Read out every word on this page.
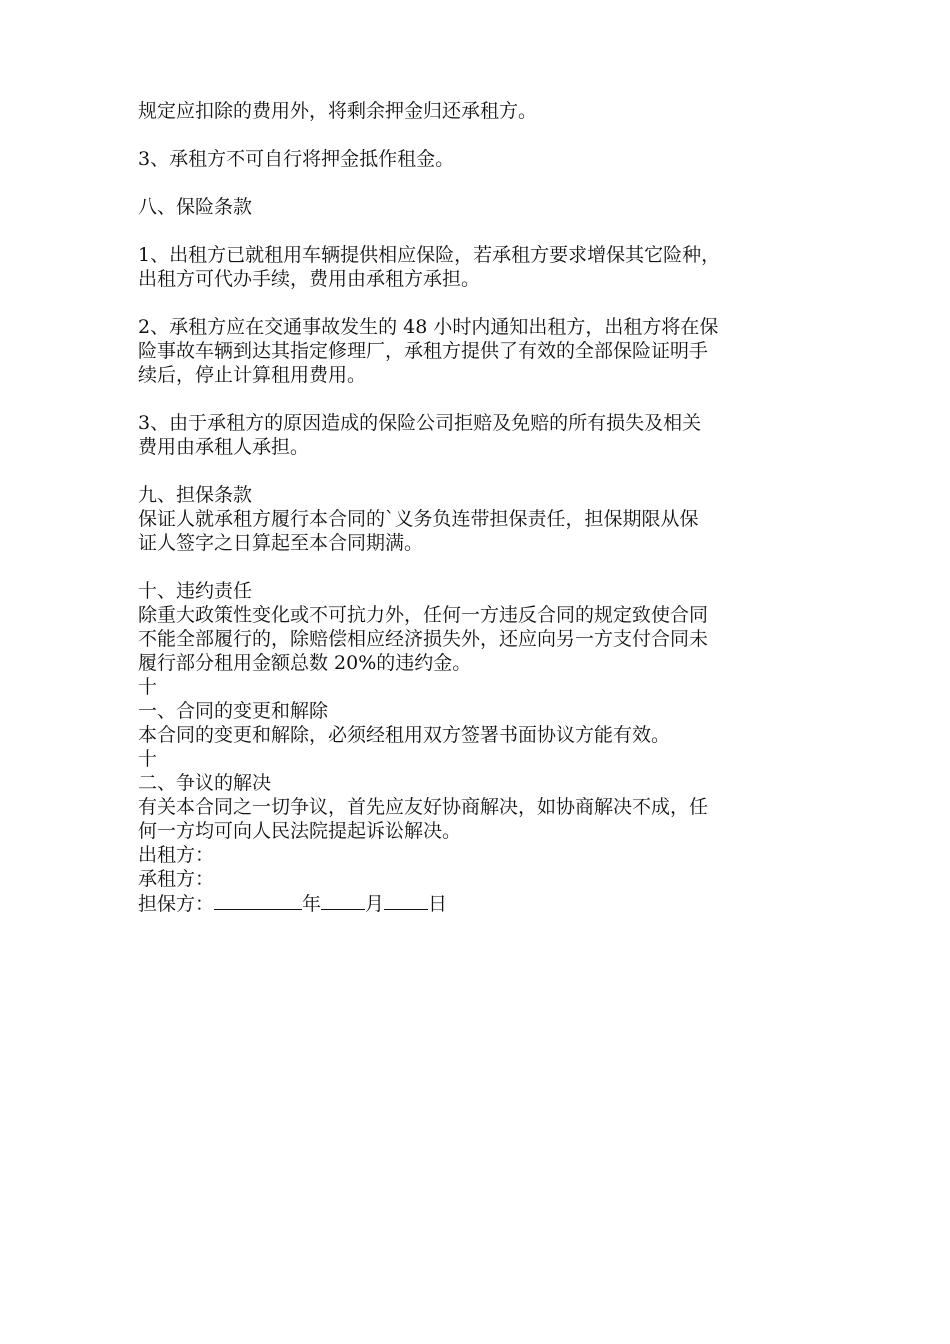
规定应扣除的费用外，将剩余押金归还承租方。
3、承租方不可自行将押金抵作租金。
八、保险条款
1、出租方已就租用车辆提供相应保险，若承租方要求增保其它险种，
出租方可代办手续，费用由承租方承担。
2、承租方应在交通事故发生的 48 小时内通知出租方，出租方将在保
险事故车辆到达其指定修理厂，承租方提供了有效的全部保险证明手
续后，停止计算租用费用。
3、由于承租方的原因造成的保险公司拒赔及免赔的所有损失及相关
费用由承租人承担。
九、担保条款
保证人就承租方履行本合同的`义务负连带担保责任，担保期限从保
证人签字之日算起至本合同期满。
十、违约责任
除重大政策性变化或不可抗力外，任何一方违反合同的规定致使合同
不能全部履行的，除赔偿相应经济损失外，还应向另一方支付合同未
履行部分租用金额总数 20%的违约金。
十
一、合同的变更和解除
本合同的变更和解除，必须经租用双方签署书面协议方能有效。
十
二、争议的解决
有关本合同之一切争议，首先应友好协商解决，如协商解决不成，任
何一方均可向人民法院提起诉讼解决。
出租方：
承租方：
担保方：	年 月 日
